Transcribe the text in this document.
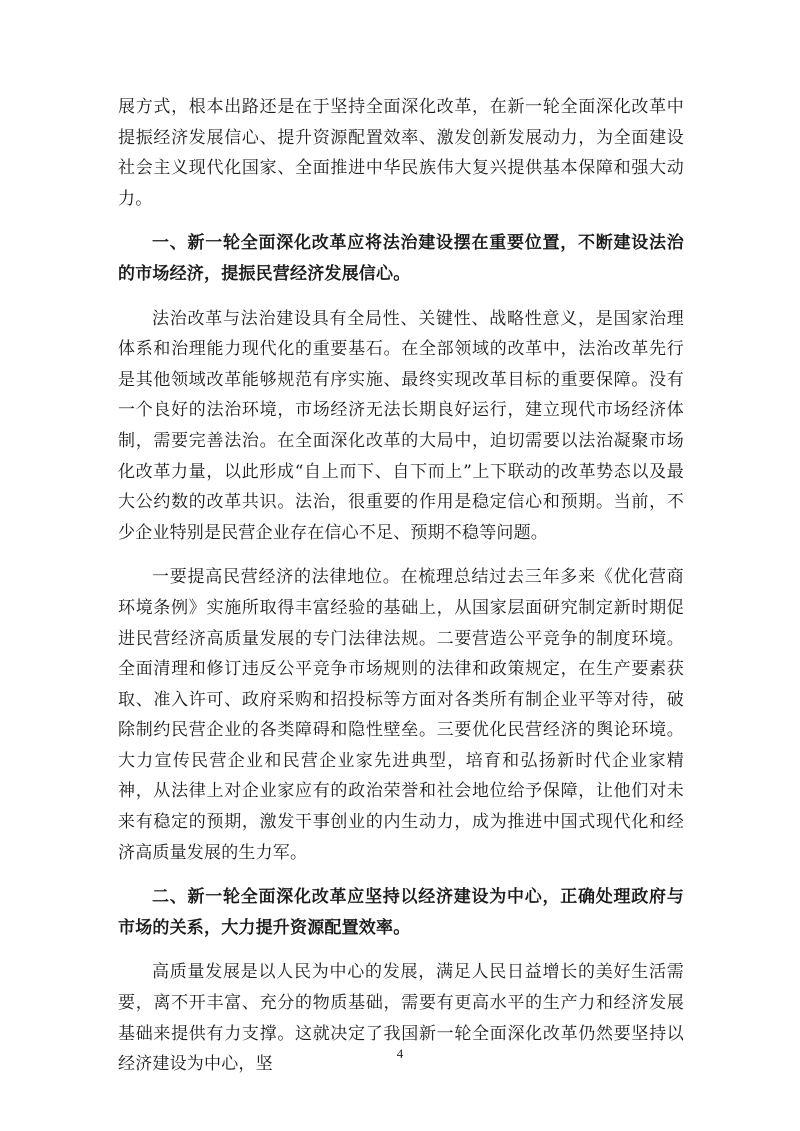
展方式，根本出路还是在于坚持全面深化改革，在新一轮全面深化改革中提振经济发展信心、提升资源配置效率、激发创新发展动力，为全面建设社会主义现代化国家、全面推进中华民族伟大复兴提供基本保障和强大动力。

一、新一轮全面深化改革应将法治建设摆在重要位置，不断建设法治的市场经济，提振民营经济发展信心。

法治改革与法治建设具有全局性、关键性、战略性意义，是国家治理体系和治理能力现代化的重要基石。在全部领域的改革中，法治改革先行是其他领域改革能够规范有序实施、最终实现改革目标的重要保障。没有一个良好的法治环境，市场经济无法长期良好运行，建立现代市场经济体制，需要完善法治。在全面深化改革的大局中，迫切需要以法治凝聚市场化改革力量，以此形成“自上而下、自下而上”上下联动的改革势态以及最大公约数的改革共识。法治，很重要的作用是稳定信心和预期。当前，不少企业特别是民营企业存在信心不足、预期不稳等问题。

一要提高民营经济的法律地位。在梳理总结过去三年多来《优化营商环境条例》实施所取得丰富经验的基础上，从国家层面研究制定新时期促进民营经济高质量发展的专门法律法规。二要营造公平竞争的制度环境。全面清理和修订违反公平竞争市场规则的法律和政策规定，在生产要素获取、准入许可、政府采购和招投标等方面对各类所有制企业平等对待，破除制约民营企业的各类障碍和隐性壁垒。三要优化民营经济的舆论环境。大力宣传民营企业和民营企业家先进典型，培育和弘扬新时代企业家精神，从法律上对企业家应有的政治荣誉和社会地位给予保障，让他们对未来有稳定的预期，激发干事创业的内生动力，成为推进中国式现代化和经济高质量发展的生力军。

二、新一轮全面深化改革应坚持以经济建设为中心，正确处理政府与市场的关系，大力提升资源配置效率。

高质量发展是以人民为中心的发展，满足人民日益增长的美好生活需要，离不开丰富、充分的物质基础，需要有更高水平的生产力和经济发展基础来提供有力支撑。这就决定了我国新一轮全面深化改革仍然要坚持以经济建设为中心，坚

4
